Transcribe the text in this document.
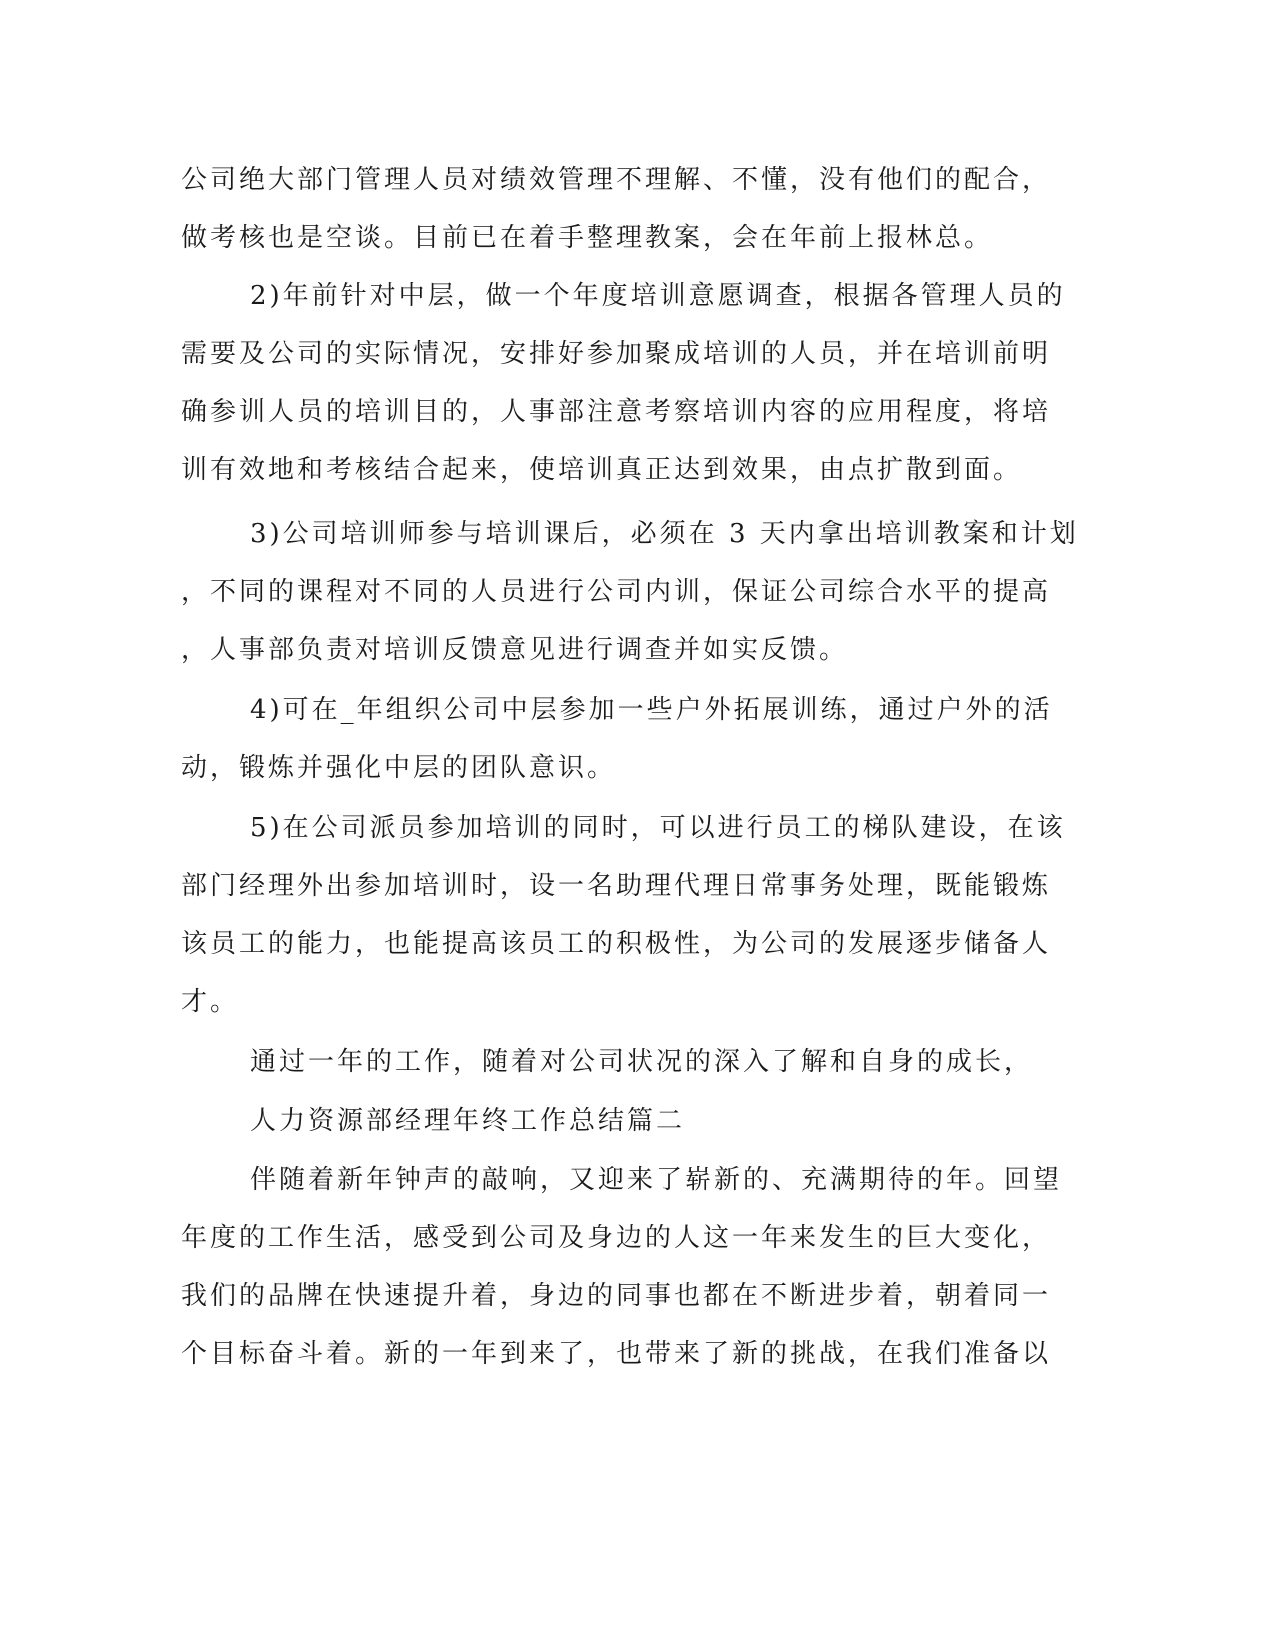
公司绝大部门管理人员对绩效管理不理解、不懂，没有他们的配合，

做考核也是空谈。目前已在着手整理教案，会在年前上报林总。

2)年前针对中层，做一个年度培训意愿调查，根据各管理人员的

需要及公司的实际情况，安排好参加聚成培训的人员，并在培训前明

确参训人员的培训目的，人事部注意考察培训内容的应用程度，将培

训有效地和考核结合起来，使培训真正达到效果，由点扩散到面。

3)公司培训师参与培训课后，必须在 3 天内拿出培训教案和计划

，不同的课程对不同的人员进行公司内训，保证公司综合水平的提高

，人事部负责对培训反馈意见进行调查并如实反馈。

4)可在_年组织公司中层参加一些户外拓展训练，通过户外的活

动，锻炼并强化中层的团队意识。

5)在公司派员参加培训的同时，可以进行员工的梯队建设，在该

部门经理外出参加培训时，设一名助理代理日常事务处理，既能锻炼

该员工的能力，也能提高该员工的积极性，为公司的发展逐步储备人

才。

通过一年的工作，随着对公司状况的深入了解和自身的成长，

人力资源部经理年终工作总结篇二

伴随着新年钟声的敲响，又迎来了崭新的、充满期待的年。回望

年度的工作生活，感受到公司及身边的人这一年来发生的巨大变化，

我们的品牌在快速提升着，身边的同事也都在不断进步着，朝着同一

个目标奋斗着。新的一年到来了，也带来了新的挑战，在我们准备以
